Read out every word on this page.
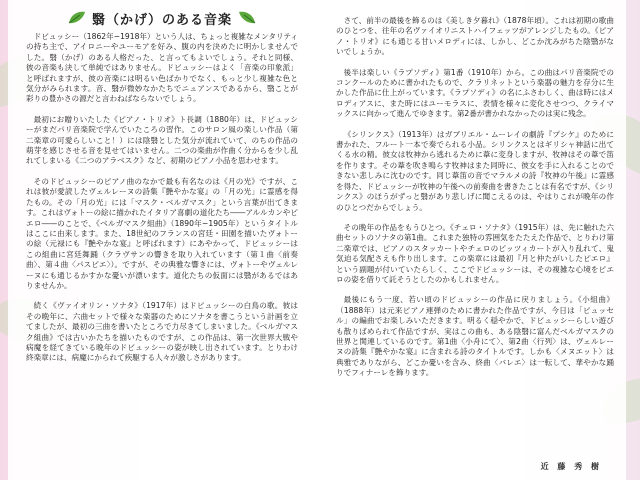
翳（かげ）のある音楽

ドビュッシー（1862年−1918年）という人は、ちょっと複雑なメンタリティの持ち主で、アイロニーやユーモアを好み、腹の内を決めたに明かしませんでした。翳（かげ）のある人格だった、と言ってもよいでしょう。それと同様、彼の音楽も決して単純ではありません。ドビュッシーはよく「音楽の印象派」と呼ばれますが、彼の音楽には明るい色ばかりでなく、もっと少し複雑な色と気分がみられます。音、翳が微妙なかたちでニュアンスであるから、翳ことが彩りの豊かさの源だと言わねばならないでしょう。

最初にお贈りいたした《ピアノ・トリオ》ト長調（1880年）は、ドビュッシーがまだパリ音楽院で学んでいたころの習作。このサロン風の楽しい作品（第二楽章の可愛らしいこと！）には陰翳とした気分が流れていて、のちの作品の萌芽を感じさせる音を見せてはいません。二つの楽曲が作曲く分からを少し乱れてしまいる《二つのアラベスク》など、初期のピアノ小品を思わせます。

そのドビュッシーのピアノ曲のなかで最も有名なのは《月の光》ですが、これは彼が愛読したヴェルレーヌの詩集『艶やかな宴』の「月の光」に霊感を得たもの。その「月の光」には「マスク・ベルガマスク」という言葉が出てきます。これはヴォトーの絵に描かれたイタリア喜劇の道化たち――アルルカンやピエロ――のことで、《ベルガマスク組曲》（1890年−1905年）というタイトルはここに由来します。また、18世紀のフランスの宮廷・田園を描いたヴォトーの絵（元禄にも『艶やかな宴』と呼ばれます）にあやかって、ドビュッシーはこの組曲に宮廷舞踊（クラヴサンの響きを取り入れています（第１曲〈前奏曲〉、第４曲〈パスピエ〉）。ですが、その典雅な響きには、ヴォトーやヴェルレーヌにも通じるかすかな憂いが漂います。道化たちの仮面には翳があるではありませんか。

続く《ヴァイオリン・ソナタ》（1917年）はドビュッシーの白鳥の歌。彼はその晩年に、六曲セットで様々な楽器のためにソナタを書こうという計画を立てましたが、最初の三曲を書いたところで力尽きてしまいました。《ベルガマスク組曲》では古いかたちを描いたものですが、この作品は、第一次世界大戦や病魔を経てきている晩年のドビュッシーの姿が映し出されています。とりわけ終楽章には、病魔にかられて疾駆する人々が激しさがあります。

さて、前半の最後を飾るのは《美しき夕暮れ》（1878年頃）。これは初期の歌曲のひとつを、往年の名ヴァイオリニストハイフェッツがアレンジしたもの。《ピアノ・トリオ》にも通じる甘いメロディには、しかし、どこか沈みがちた陰翳がないでしょうか。

後半は楽しい《ラプソディ》第1番（1910年）から。この曲はパリ音楽院でのコンクールのために書かれたもので、クラリネットという楽器の魅力を存分に生かした作品に仕上がっています。《ラプソディ》の名にふさわしく、曲は時にはメロディアスに、また時にはユーモラスに、表情を様々に変化させつつ、クライマックスに向かって進んでゆきます。第2番が書かれなかったのは実に残念。

《シリンクス》（1913年）はガブリエル・ムーレイの劇詩『プシケ』のために書かれた、フルート一本で奏でられる小品。シリンクスとはギリシャ神話に出てくる水の精。彼女は牧神から逃れるために葦に変身しますが、牧神はその葦で笛を作ります。その葦を吹き鳴らす牧神はまた同時に、彼女を手に入れることのできない悲しみに沈むのです。同じ葦笛の音でマラルメの詩『牧神の午後』に霊感を得た、ドビュッシーが牧神の午後への前奏曲を書きたことは有名ですが、《シリンクス》のほうがずっと翳があり悲しげに聞こえるのは、やはりこれが晩年の作のひとつだからでしょう。

その晩年の作品をもうひとつ。《チェロ・ソナタ》（1915年）は、先に触れた六曲セットのソナタの第1曲。これまた独特の雰囲気をたたえた作品で、とりわけ第二楽章では、ピアノのスタッカートやチェロのピッツィカートが入り乱れて、鬼気迫る気配さえも作り出します。この楽章には最初『月と仲たがいしたピエロ』という副題が付いていたらしく、ここでドビュッシーは、その複雑な心境をピエロの姿を借りて託そうとしたのかもしれません。

最後にもう一度、若い頃のドビュッシーの作品に戻りましょう。《小組曲》（1888年）は元来ピアノ連弾のために書かれた作品ですが、今日は「ビュッセル」の編曲でお楽しみいただきます。明るく穏やかで、ドビュッシーらしい遊びも散りばめられて作品ですが、実はこの曲も、ある陰翳に富んだベルガマスクの世界と関連しているのです。第1曲〈小舟にて〉、第2曲〈行列〉は、ヴェルレーヌの詩集『艶やかな宴』に含まれる詩のタイトルです。しかも〈メヌエット〉は典雅でありながら、どこか憂いを含み、終曲〈バレエ〉は一転して、華やかな踊りでフィナーレを飾ります。

近 藤 秀 樹
